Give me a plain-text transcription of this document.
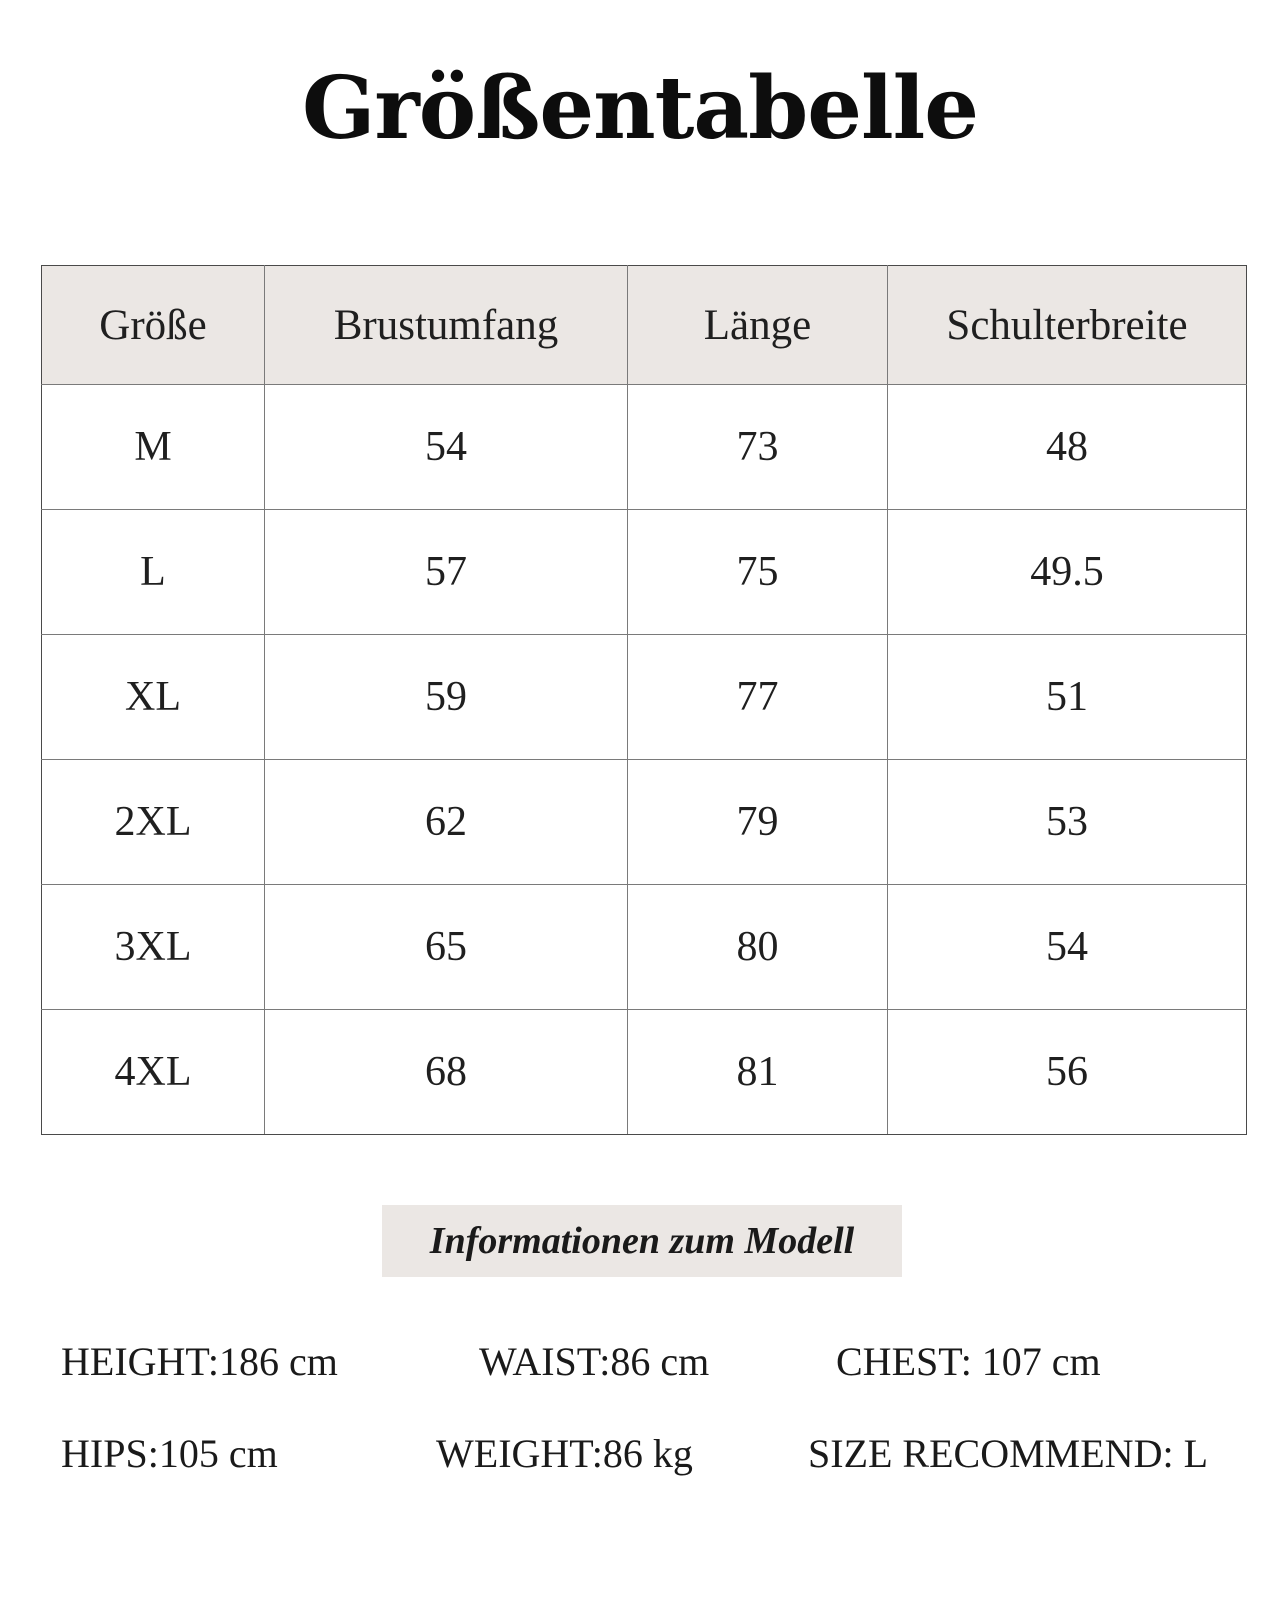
Größentabelle
Größe	Brustumfang	Länge	Schulterbreite
M	54	73	48
L	57	75	49.5
XL	59	77	51
2XL	62	79	53
3XL	65	80	54
4XL	68	81	56
Informationen zum Modell
HEIGHT:186 cm	WAIST:86 cm	CHEST: 107 cm
HIPS:105 cm	WEIGHT:86 kg	SIZE RECOMMEND: L
